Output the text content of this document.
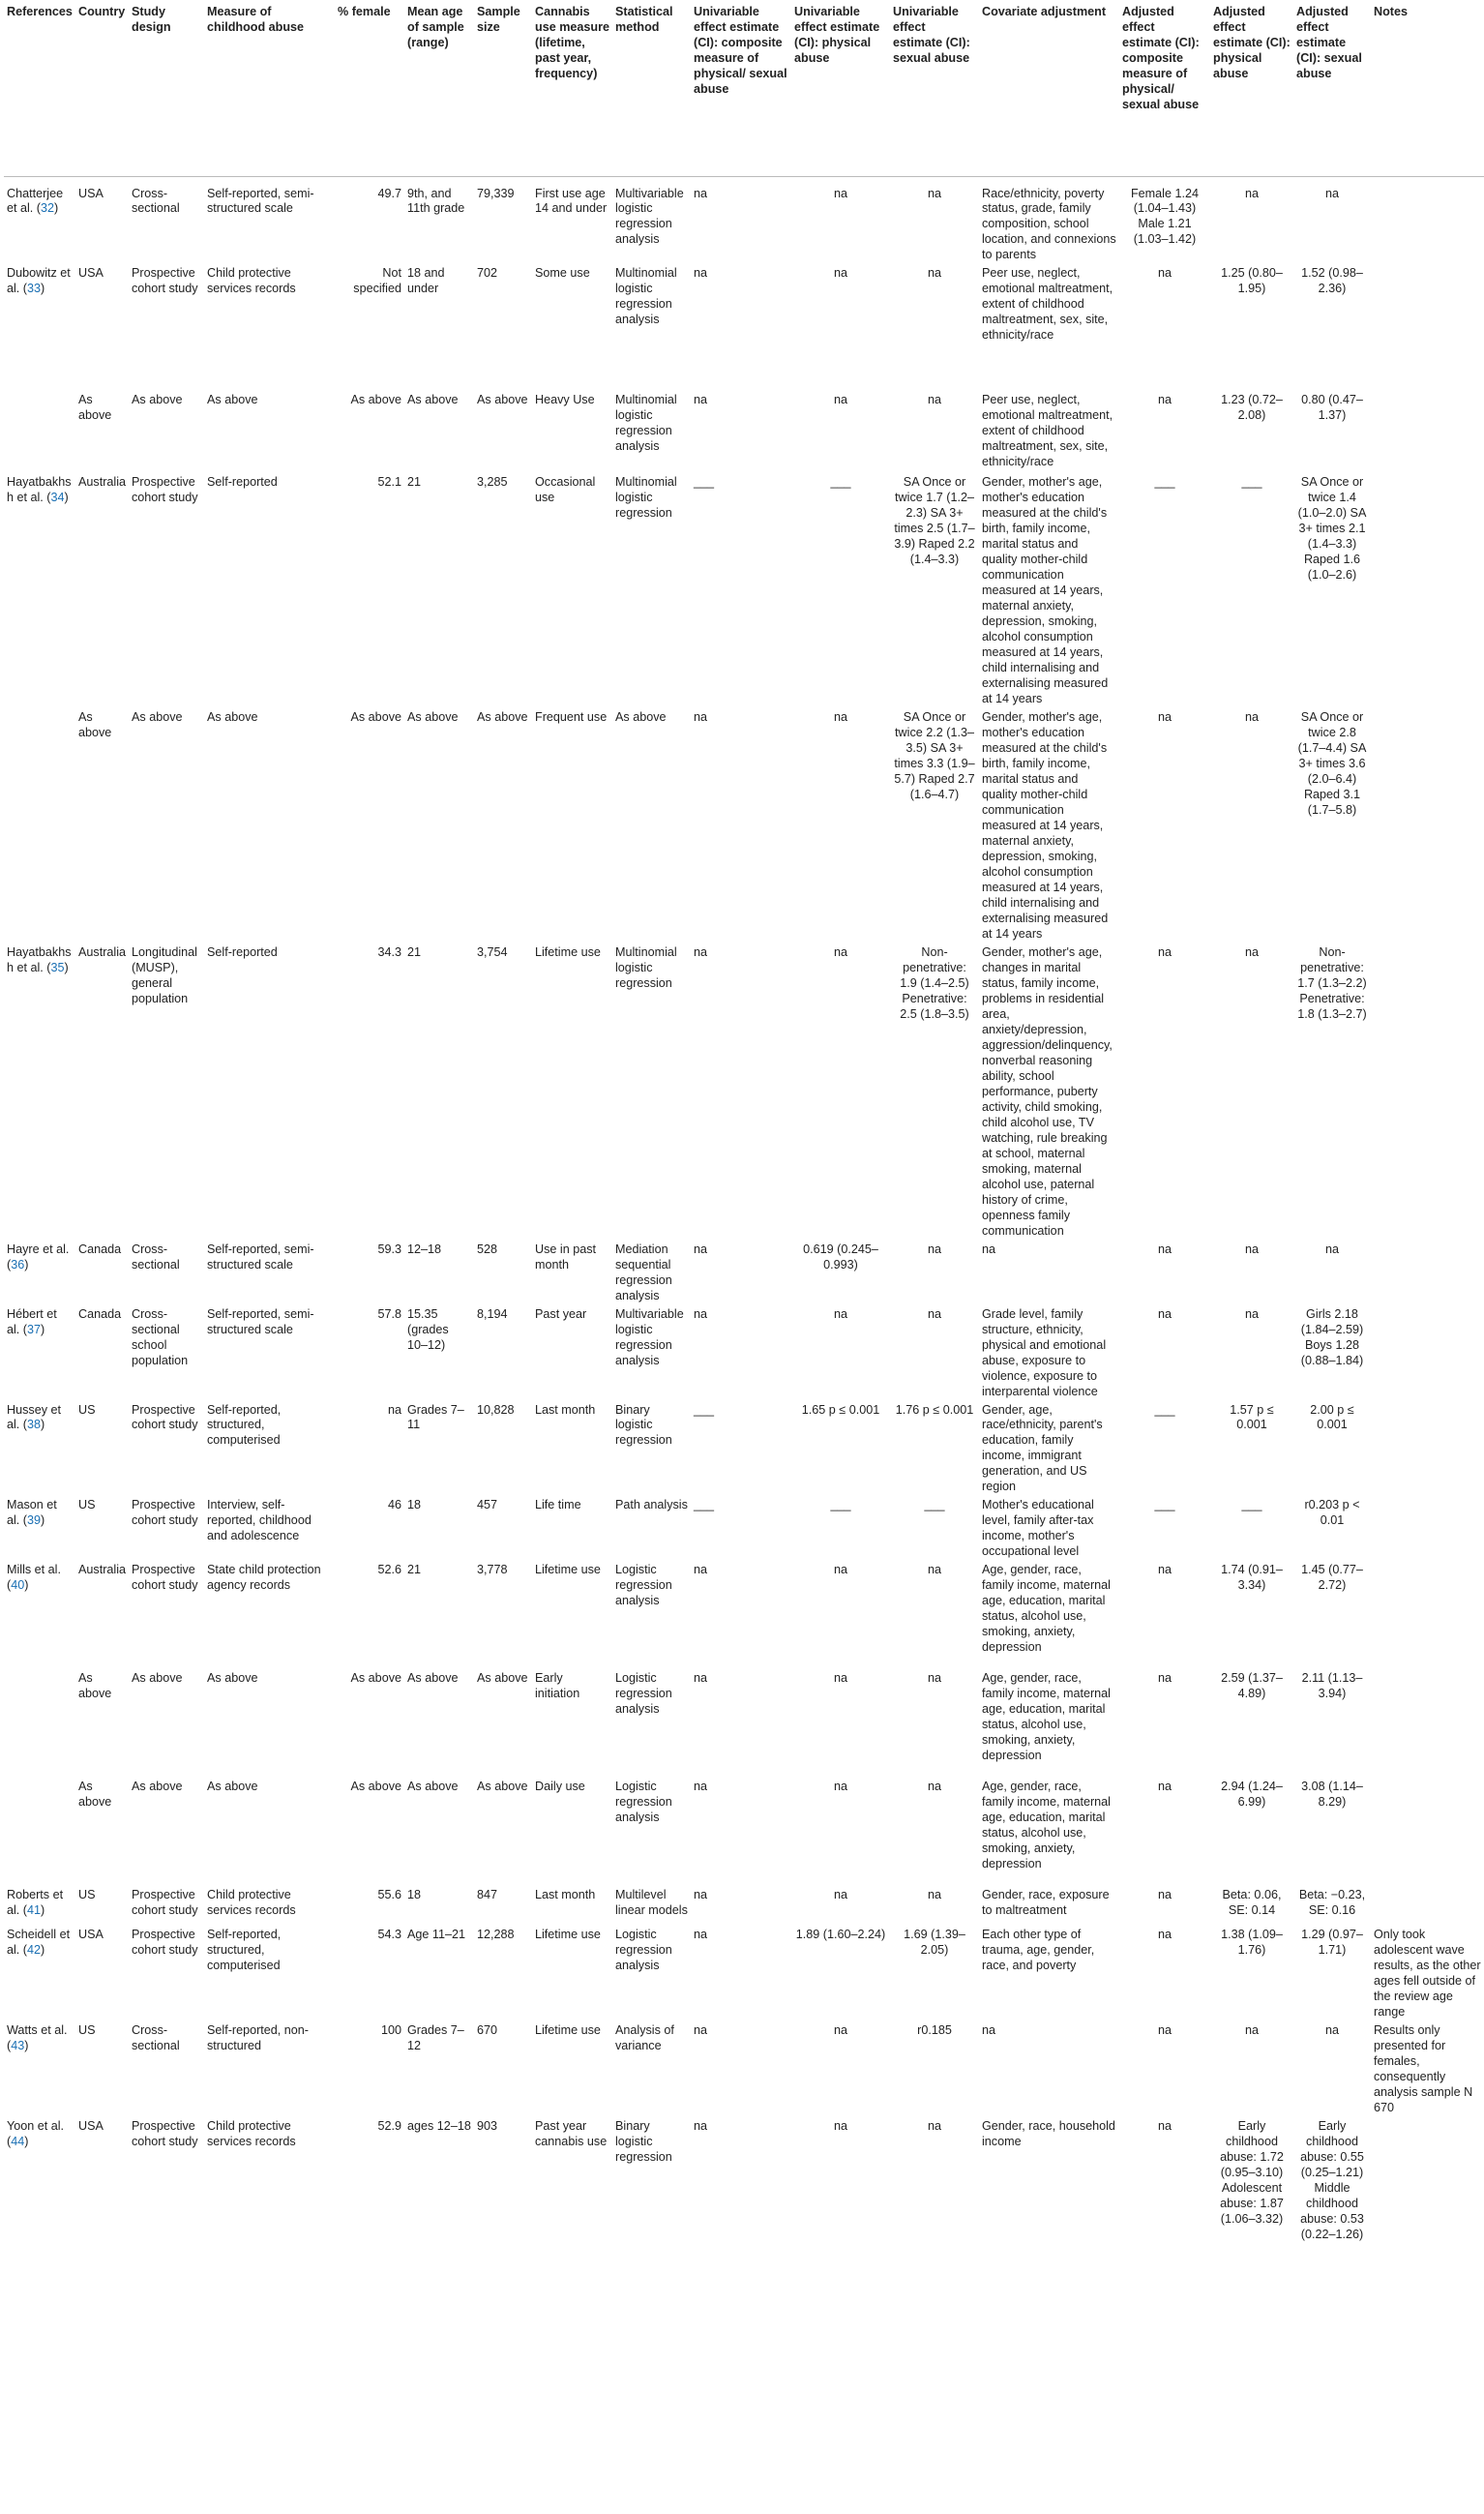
References	Country	Study design	Measure of childhood abuse	% female	Mean age of sample (range)	Sample size	Cannabis use measure (lifetime, past year, frequency)	Statistical method	Univariable effect estimate (CI): composite measure of physical/ sexual abuse	Univariable effect estimate (CI): physical abuse	Univariable effect estimate (CI): sexual abuse	Covariate adjustment	Adjusted effect estimate (CI): composite measure of physical/ sexual abuse	Adjusted effect estimate (CI): physical abuse	Adjusted effect estimate (CI): sexual abuse	Notes
Chatterjee et al. (32)	USA	Cross-sectional	Self-reported, semi-structured scale	49.7	9th, and 11th grade	79,339	First use age 14 and under	Multivariable logistic regression analysis	na	na	na	Race/ethnicity, poverty status, grade, family composition, school location, and connexions to parents	Female 1.24 (1.04–1.43) Male 1.21 (1.03–1.42)	na	na	
Dubowitz et al. (33)	USA	Prospective cohort study	Child protective services records	Not specified	18 and under	702	Some use	Multinomial logistic regression analysis	na	na	na	Peer use, neglect, emotional maltreatment, extent of childhood maltreatment, sex, site, ethnicity/race	na	1.25 (0.80–1.95)	1.52 (0.98–2.36)	
	As above	As above	As above	As above	As above	As above	Heavy Use	Multinomial logistic regression analysis	na	na	na	Peer use, neglect, emotional maltreatment, extent of childhood maltreatment, sex, site, ethnicity/race	na	1.23 (0.72–2.08)	0.80 (0.47–1.37)	
Hayatbakhsh et al. (34)	Australia	Prospective cohort study	Self-reported	52.1	21	3,285	Occasional use	Multinomial logistic regression	___	___	SA Once or twice 1.7 (1.2–2.3) SA 3+ times 2.5 (1.7–3.9) Raped 2.2 (1.4–3.3)	Gender, mother's age, mother's education measured at the child's birth, family income, marital status and quality mother-child communication measured at 14 years, maternal anxiety, depression, smoking, alcohol consumption measured at 14 years, child internalising and externalising measured at 14 years	___	___	SA Once or twice 1.4 (1.0–2.0) SA 3+ times 2.1 (1.4–3.3) Raped 1.6 (1.0–2.6)	
	As above	As above	As above	As above	As above	As above	Frequent use	As above	na	na	SA Once or twice 2.2 (1.3–3.5) SA 3+ times 3.3 (1.9–5.7) Raped 2.7 (1.6–4.7)	Gender, mother's age, mother's education measured at the child's birth, family income, marital status and quality mother-child communication measured at 14 years, maternal anxiety, depression, smoking, alcohol consumption measured at 14 years, child internalising and externalising measured at 14 years	na	na	SA Once or twice 2.8 (1.7–4.4) SA 3+ times 3.6 (2.0–6.4) Raped 3.1 (1.7–5.8)	
Hayatbakhsh et al. (35)	Australia	Longitudinal (MUSP), general population	Self-reported	34.3	21	3,754	Lifetime use	Multinomial logistic regression	na	na	Non-penetrative: 1.9 (1.4–2.5) Penetrative: 2.5 (1.8–3.5)	Gender, mother's age, changes in marital status, family income, problems in residential area, anxiety/depression, aggression/delinquency, nonverbal reasoning ability, school performance, puberty activity, child smoking, child alcohol use, TV watching, rule breaking at school, maternal smoking, maternal alcohol use, paternal history of crime, openness family communication	na	na	Non-penetrative: 1.7 (1.3–2.2) Penetrative: 1.8 (1.3–2.7)	
Hayre et al. (36)	Canada	Cross-sectional	Self-reported, semi-structured scale	59.3	12–18	528	Use in past month	Mediation sequential regression analysis	na	0.619 (0.245–0.993)	na	na	na	na	na	
Hébert et al. (37)	Canada	Cross-sectional school population	Self-reported, semi-structured scale	57.8	15.35 (grades 10–12)	8,194	Past year	Multivariable logistic regression analysis	na	na	na	Grade level, family structure, ethnicity, physical and emotional abuse, exposure to violence, exposure to interparental violence	na	na	Girls 2.18 (1.84–2.59) Boys 1.28 (0.88–1.84)	
Hussey et al. (38)	US	Prospective cohort study	Self-reported, structured, computerised	na	Grades 7–11	10,828	Last month	Binary logistic regression	___	1.65 p ≤ 0.001	1.76 p ≤ 0.001	Gender, age, race/ethnicity, parent's education, family income, immigrant generation, and US region	___	1.57 p ≤ 0.001	2.00 p ≤ 0.001	
Mason et al. (39)	US	Prospective cohort study	Interview, self-reported, childhood and adolescence	46	18	457	Life time	Path analysis	___	___	___	Mother's educational level, family after-tax income, mother's occupational level	___	___	r0.203 p < 0.01	
Mills et al. (40)	Australia	Prospective cohort study	State child protection agency records	52.6	21	3,778	Lifetime use	Logistic regression analysis	na	na	na	Age, gender, race, family income, maternal age, education, marital status, alcohol use, smoking, anxiety, depression	na	1.74 (0.91–3.34)	1.45 (0.77–2.72)	
	As above	As above	As above	As above	As above	As above	Early initiation	Logistic regression analysis	na	na	na	Age, gender, race, family income, maternal age, education, marital status, alcohol use, smoking, anxiety, depression	na	2.59 (1.37–4.89)	2.11 (1.13–3.94)	
	As above	As above	As above	As above	As above	As above	Daily use	Logistic regression analysis	na	na	na	Age, gender, race, family income, maternal age, education, marital status, alcohol use, smoking, anxiety, depression	na	2.94 (1.24–6.99)	3.08 (1.14–8.29)	
Roberts et al. (41)	US	Prospective cohort study	Child protective services records	55.6	18	847	Last month	Multilevel linear models	na	na	na	Gender, race, exposure to maltreatment	na	Beta: 0.06, SE: 0.14	Beta: −0.23, SE: 0.16	
Scheidell et al. (42)	USA	Prospective cohort study	Self-reported, structured, computerised	54.3	Age 11–21	12,288	Lifetime use	Logistic regression analysis	na	1.89 (1.60–2.24)	1.69 (1.39–2.05)	Each other type of trauma, age, gender, race, and poverty	na	1.38 (1.09–1.76)	1.29 (0.97–1.71)	Only took adolescent wave results, as the other ages fell outside of the review age range
Watts et al. (43)	US	Cross-sectional	Self-reported, non-structured	100	Grades 7–12	670	Lifetime use	Analysis of variance	na	na	r0.185	na	na	na	na	Results only presented for females, consequently analysis sample N 670
Yoon et al. (44)	USA	Prospective cohort study	Child protective services records	52.9	ages 12–18	903	Past year cannabis use	Binary logistic regression	na	na	na	Gender, race, household income	na	Early childhood abuse: 1.72 (0.95–3.10) Adolescent abuse: 1.87 (1.06–3.32)	Early childhood abuse: 0.55 (0.25–1.21) Middle childhood abuse: 0.53 (0.22–1.26)	
